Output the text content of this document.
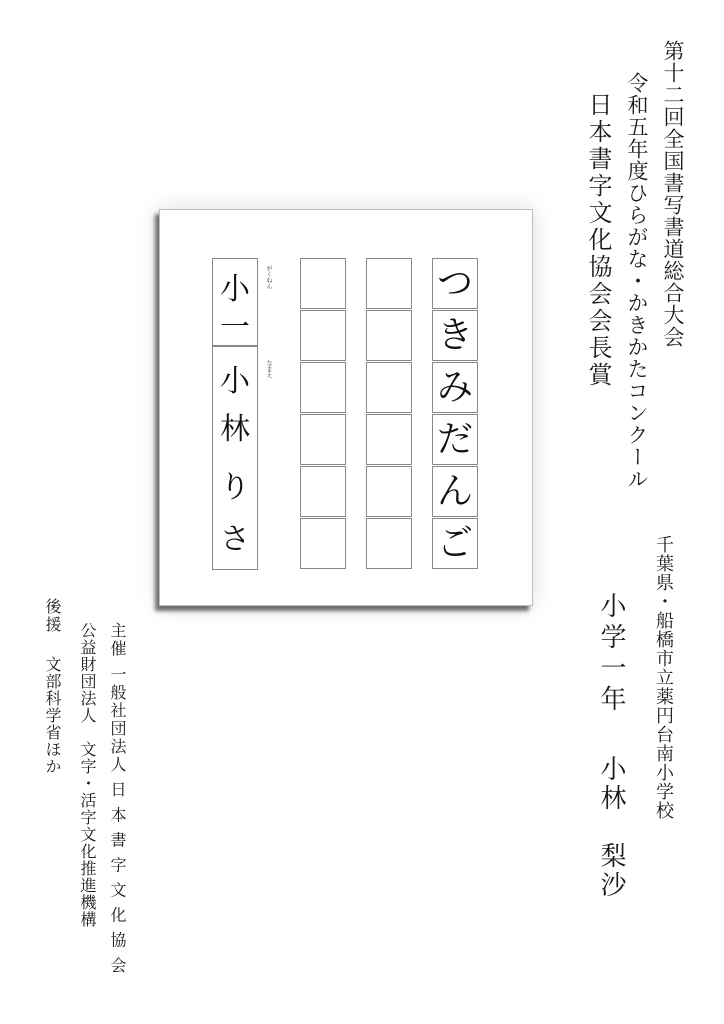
第十二回全国書写書道総合大会
令和五年度ひらがな・かきかたコンクール
日本書字文化協会会長賞
つ
き
み
だ
ん
ご
小
一
小
林
り
さ
がくねん
なまえ
千葉県・船橋市立薬円台南小学校
小学一年
小林　梨沙
主催
一般社団法人 日 本 書 字 文 化 協 会
公益財団法人　文字・活字文化推進機構
後援
文部科学省ほか
